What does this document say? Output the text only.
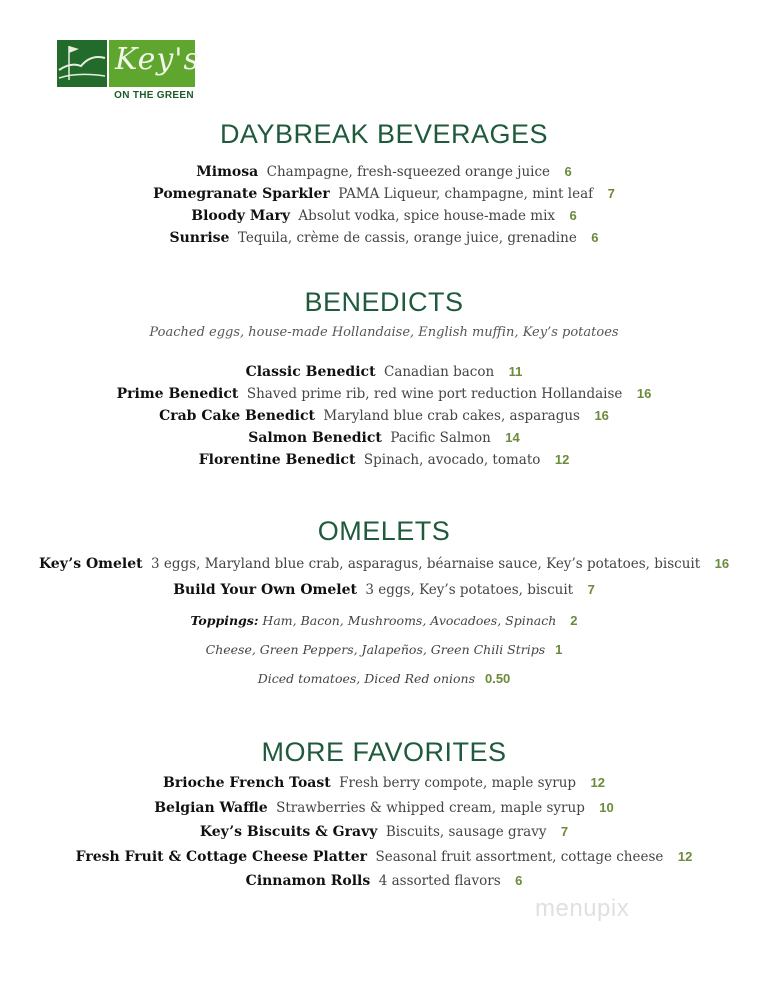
Key's
ON THE GREEN
DAYBREAK BEVERAGES
Mimosa Champagne, fresh-squeezed orange juice 6
Pomegranate Sparkler PAMA Liqueur, champagne, mint leaf 7
Bloody Mary Absolut vodka, spice house-made mix 6
Sunrise Tequila, crème de cassis, orange juice, grenadine 6
BENEDICTS
Poached eggs, house-made Hollandaise, English muffin, Key’s potatoes
Classic Benedict Canadian bacon 11
Prime Benedict Shaved prime rib, red wine port reduction Hollandaise 16
Crab Cake Benedict Maryland blue crab cakes, asparagus 16
Salmon Benedict Pacific Salmon 14
Florentine Benedict Spinach, avocado, tomato 12
OMELETS
Key’s Omelet 3 eggs, Maryland blue crab, asparagus, béarnaise sauce, Key’s potatoes, biscuit 16
Build Your Own Omelet 3 eggs, Key’s potatoes, biscuit 7
Toppings: Ham, Bacon, Mushrooms, Avocadoes, Spinach 2
Cheese, Green Peppers, Jalapeños, Green Chili Strips 1
Diced tomatoes, Diced Red onions 0.50
MORE FAVORITES
Brioche French Toast Fresh berry compote, maple syrup 12
Belgian Waffle Strawberries & whipped cream, maple syrup 10
Key’s Biscuits & Gravy Biscuits, sausage gravy 7
Fresh Fruit & Cottage Cheese Platter Seasonal fruit assortment, cottage cheese 12
Cinnamon Rolls 4 assorted flavors 6
menupix
